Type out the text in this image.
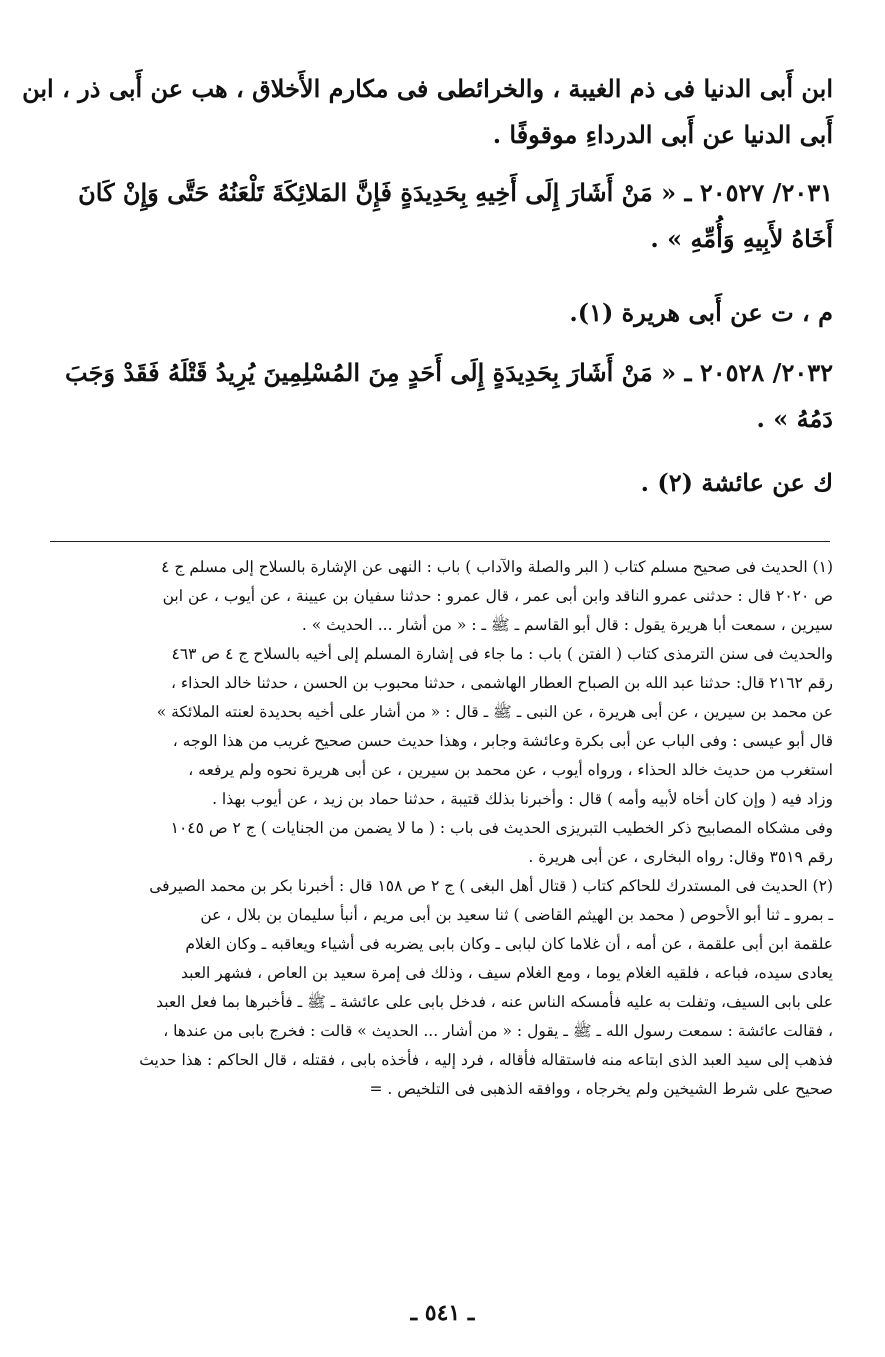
ابن أَبى الدنيا فى ذم الغيبة ، والخرائطى فى مكارم الأَخلاق ، هب عن أَبى ذر ، ابن

أَبى الدنيا عن أَبى الدرداءِ موقوفًا .

٢٠٣١/ ٢٠٥٢٧ ـ « مَنْ أَشَارَ إِلَى أَخِيهِ بِحَدِيدَةٍ فَإِنَّ المَلائِكَةَ تَلْعَنُهُ حَتَّى وَإِنْ كَانَ

أَخَاهُ لأَبِيهِ وَأُمِّهِ » .

م ، ت عن أَبى هريرة (١).

٢٠٣٢/ ٢٠٥٢٨ ـ « مَنْ أَشَارَ بِحَدِيدَةٍ إِلَى أَحَدٍ مِنَ المُسْلِمِينَ يُرِيدُ قَتْلَهُ فَقَدْ وَجَبَ

دَمُهُ » .

ك عن عائشة (٢) .

(١) الحديث فى صحيح مسلم كتاب ( البر والصلة والآداب ) باب : النهى عن الإشارة بالسلاح إلى مسلم ج ٤

ص ٢٠٢٠ قال : حدثنى عمرو الناقد وابن أبى عمر ، قال عمرو : حدثنا سفيان بن عيينة ، عن أيوب ، عن ابن

سيرين ، سمعت أبا هريرة يقول : قال أبو القاسم ـ ﷺ ـ : « من أشار ... الحديث » .

والحديث فى سنن الترمذى كتاب ( الفتن ) باب : ما جاء فى إشارة المسلم إلى أخيه بالسلاح ج ٤ ص ٤٦٣

رقم ٢١٦٢ قال: حدثنا عبد الله بن الصباح العطار الهاشمى ، حدثنا محبوب بن الحسن ، حدثنا خالد الحذاء ،

عن محمد بن سيرين ، عن أبى هريرة ، عن النبى ـ ﷺ ـ قال : « من أشار على أخيه بحديدة لعنته الملائكة »

قال أبو عيسى : وفى الباب عن أبى بكرة وعائشة وجابر ، وهذا حديث حسن صحيح غريب من هذا الوجه ،

استغرب من حديث خالد الحذاء ، ورواه أيوب ، عن محمد بن سيرين ، عن أبى هريرة نحوه ولم يرفعه ،

وزاد فيه ( وإن كان أخاه لأبيه وأمه ) قال : وأخبرنا بذلك قتيبة ، حدثنا حماد بن زيد ، عن أيوب بهذا .

وفى مشكاه المصابيح ذكر الخطيب التبريزى الحديث فى باب : ( ما لا يضمن من الجنايات ) ج ٢ ص ١٠٤٥

رقم ٣٥١٩ وقال: رواه البخارى ، عن أبى هريرة .

(٢) الحديث فى المستدرك للحاكم كتاب ( قتال أهل البغى ) ج ٢ ص ١٥٨ قال : أخبرنا بكر بن محمد الصيرفى

ـ بمرو ـ ثنا أبو الأحوص ( محمد بن الهيثم القاضى ) ثنا سعيد بن أبى مريم ، أنبأ سليمان بن بلال ، عن

علقمة ابن أبى علقمة ، عن أمه ، أن غلاما كان لبابى ـ وكان بابى يضربه فى أشياء ويعاقبه ـ وكان الغلام

يعادى سيده، فباعه ، فلقيه الغلام يوما ، ومع الغلام سيف ، وذلك فى إمرة سعيد بن العاص ، فشهر العبد

على بابى السيف، وتفلت به عليه فأمسكه الناس عنه ، فدخل بابى على عائشة ـ ﷺ ـ فأخبرها بما فعل العبد

، فقالت عائشة : سمعت رسول الله ـ ﷺ ـ يقول : « من أشار ... الحديث » قالت : فخرج بابى من عندها ،

فذهب إلى سيد العبد الذى ابتاعه منه فاستقاله فأقاله ، فرد إليه ، فأخذه بابى ، فقتله ، قال الحاكم : هذا حديث

صحيح على شرط الشيخين ولم يخرجاه ، ووافقه الذهبى فى التلخيص . =

ـ ٥٤١ ـ
